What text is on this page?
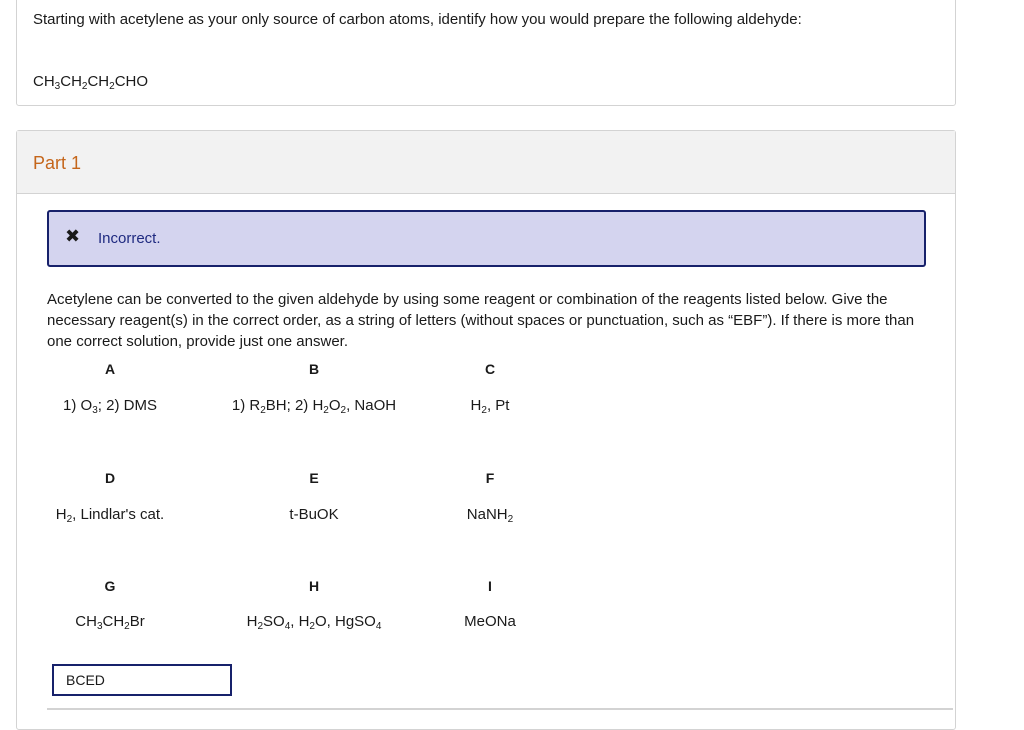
Starting with acetylene as your only source of carbon atoms, identify how you would prepare the following aldehyde:
$CH_3CH_2CH_2CHO$
Part 1
✖ Incorrect.
Acetylene can be converted to the given aldehyde by using some reagent or combination of the reagents listed below. Give the necessary reagent(s) in the correct order, as a string of letters (without spaces or punctuation, such as “EBF”). If there is more than one correct solution, provide just one answer.
A
1) $O_3$; 2) DMS
B
1) $R_2BH$; 2) $H_2O_2$, NaOH
C
$H_2$, Pt
D
$H_2$, Lindlar's cat.
E
t-BuOK
F
NaNH$_2$
G
$CH_3CH_2Br$
H
$H_2SO_4$, $H_2O$, HgSO$_4$
I
MeONa
BCED
